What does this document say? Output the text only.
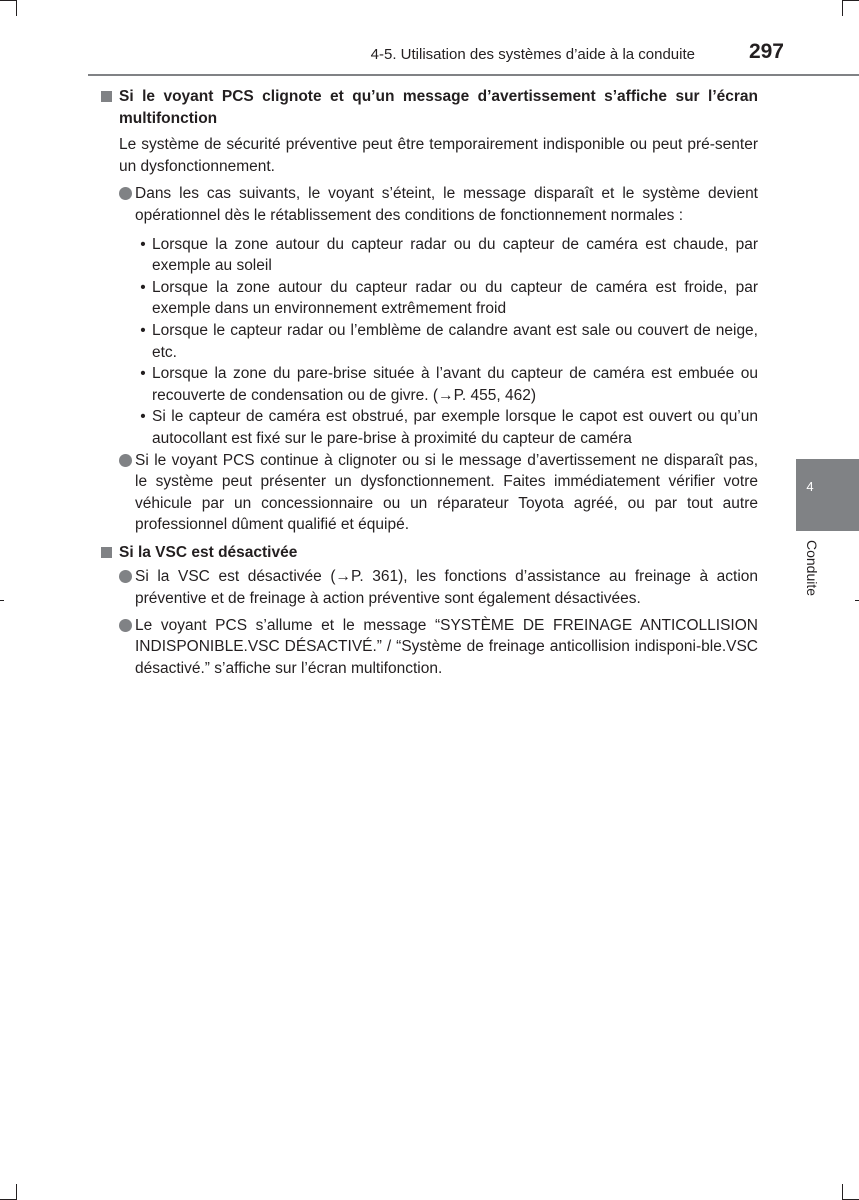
4-5. Utilisation des systèmes d’aide à la conduite	297
4
Conduite
Si le voyant PCS clignote et qu’un message d’avertissement s’affiche sur l’écran multifonction
Le système de sécurité préventive peut être temporairement indisponible ou peut pré-senter un dysfonctionnement.
Dans les cas suivants, le voyant s’éteint, le message disparaît et le système devient opérationnel dès le rétablissement des conditions de fonctionnement normales :
• Lorsque la zone autour du capteur radar ou du capteur de caméra est chaude, par exemple au soleil
• Lorsque la zone autour du capteur radar ou du capteur de caméra est froide, par exemple dans un environnement extrêmement froid
• Lorsque le capteur radar ou l’emblème de calandre avant est sale ou couvert de neige, etc.
• Lorsque la zone du pare-brise située à l’avant du capteur de caméra est embuée ou recouverte de condensation ou de givre. (→P. 455, 462)
• Si le capteur de caméra est obstrué, par exemple lorsque le capot est ouvert ou qu’un autocollant est fixé sur le pare-brise à proximité du capteur de caméra
Si le voyant PCS continue à clignoter ou si le message d’avertissement ne disparaît pas, le système peut présenter un dysfonctionnement. Faites immédiatement vérifier votre véhicule par un concessionnaire ou un réparateur Toyota agréé, ou par tout autre professionnel dûment qualifié et équipé.
Si la VSC est désactivée
Si la VSC est désactivée (→P. 361), les fonctions d’assistance au freinage à action préventive et de freinage à action préventive sont également désactivées.
Le voyant PCS s’allume et le message “SYSTÈME DE FREINAGE ANTICOLLISION INDISPONIBLE.VSC DÉSACTIVÉ.” / “Système de freinage anticollision indisponi-ble.VSC désactivé.” s’affiche sur l’écran multifonction.
